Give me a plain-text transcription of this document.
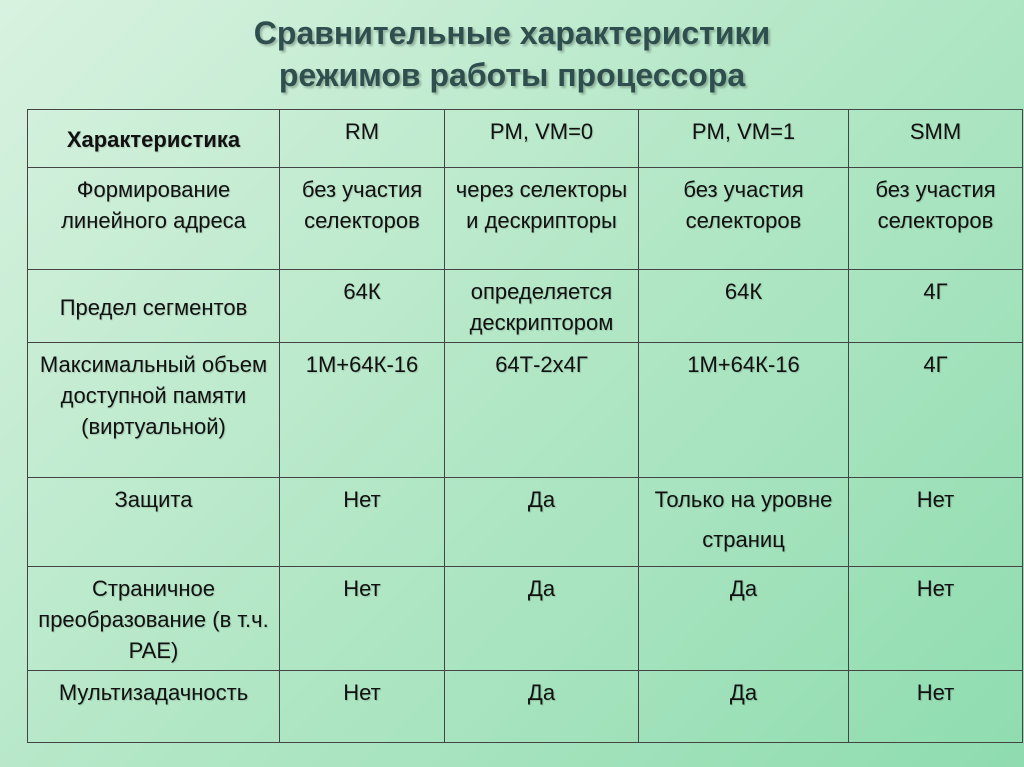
Сравнительные характеристики
режимов работы процессора
Характеристика	RM	PM, VM=0	PM, VM=1	SMM
Формирование линейного адреса	без участия селекторов	через селекторы и дескрипторы	без участия селекторов	без участия селекторов
Предел сегментов	64К	определяется дескриптором	64К	4Г
Максимальный объем доступной памяти (виртуальной)	1М+64К-16	64Т-2х4Г	1М+64К-16	4Г
Защита	Нет	Да	Только на уровне страниц	Нет
Страничное преобразование (в т.ч. PAE)	Нет	Да	Да	Нет
Мультизадачность	Нет	Да	Да	Нет
